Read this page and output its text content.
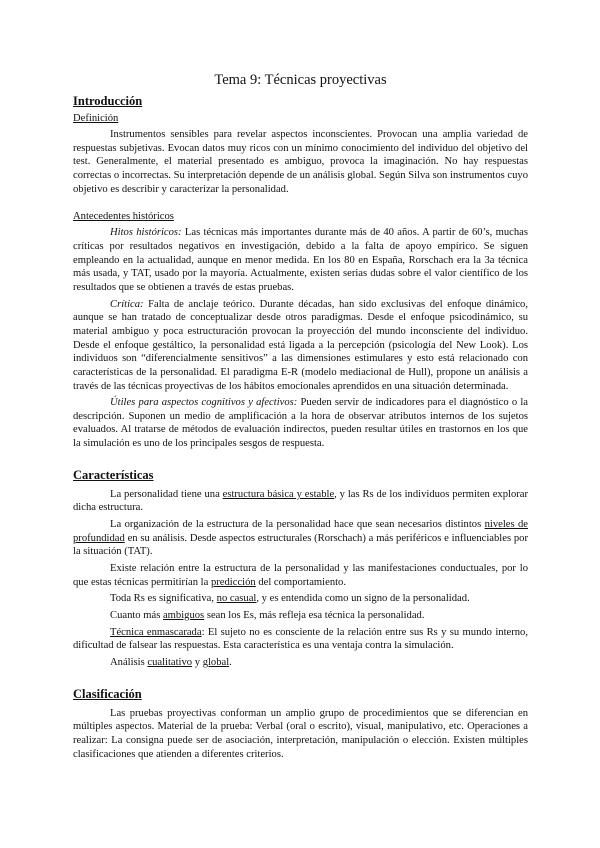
Tema 9: Técnicas proyectivas
Introducción
Definición

Instrumentos sensibles para revelar aspectos inconscientes. Provocan una amplia variedad de respuestas subjetivas. Evocan datos muy ricos con un mínimo conocimiento del individuo del objetivo del test. Generalmente, el material presentado es ambiguo, provoca la imaginación. No hay respuestas correctas o incorrectas. Su interpretación depende de un análisis global. Según Silva son instrumentos cuyo objetivo es describir y caracterizar la personalidad.

Antecedentes históricos

Hitos históricos: Las técnicas más importantes durante más de 40 años. A partir de 60’s, muchas críticas por resultados negativos en investigación, debido a la falta de apoyo empírico. Se siguen empleando en la actualidad, aunque en menor medida. En los 80 en España, Rorschach era la 3a técnica más usada, y TAT, usado por la mayoría. Actualmente, existen serias dudas sobre el valor científico de los resultados que se obtienen a través de estas pruebas.

Crítica: Falta de anclaje teórico. Durante décadas, han sido exclusivas del enfoque dinámico, aunque se han tratado de conceptualizar desde otros paradigmas. Desde el enfoque psicodinámico, su material ambiguo y poca estructuración provocan la proyección del mundo inconsciente del individuo. Desde el enfoque gestáltico, la personalidad está ligada a la percepción (psicología del New Look). Los individuos son “diferencialmente sensitivos” a las dimensiones estimulares y esto está relacionado con características de la personalidad. El paradigma E-R (modelo mediacional de Hull), propone un análisis a través de las técnicas proyectivas de los hábitos emocionales aprendidos en una situación determinada.

Útiles para aspectos cognitivos y afectivos: Pueden servir de indicadores para el diagnóstico o la descripción. Suponen un medio de amplificación a la hora de observar atributos internos de los sujetos evaluados. Al tratarse de métodos de evaluación indirectos, pueden resultar útiles en trastornos en los que la simulación es uno de los principales sesgos de respuesta.

Características

La personalidad tiene una estructura básica y estable, y las Rs de los individuos permiten explorar dicha estructura.

La organización de la estructura de la personalidad hace que sean necesarios distintos niveles de profundidad en su análisis. Desde aspectos estructurales (Rorschach) a más periféricos e influenciables por la situación (TAT).

Existe relación entre la estructura de la personalidad y las manifestaciones conductuales, por lo que estas técnicas permitirían la predicción del comportamiento.

Toda Rs es significativa, no casual, y es entendida como un signo de la personalidad.

Cuanto más ambiguos sean los Es, más refleja esa técnica la personalidad.

Técnica enmascarada: El sujeto no es consciente de la relación entre sus Rs y su mundo interno, dificultad de falsear las respuestas. Esta característica es una ventaja contra la simulación.

Análisis cualitativo y global.

Clasificación

Las pruebas proyectivas conforman un amplio grupo de procedimientos que se diferencian en múltiples aspectos. Material de la prueba: Verbal (oral o escrito), visual, manipulativo, etc. Operaciones a realizar: La consigna puede ser de asociación, interpretación, manipulación o elección. Existen múltiples clasificaciones que atienden a diferentes criterios.
